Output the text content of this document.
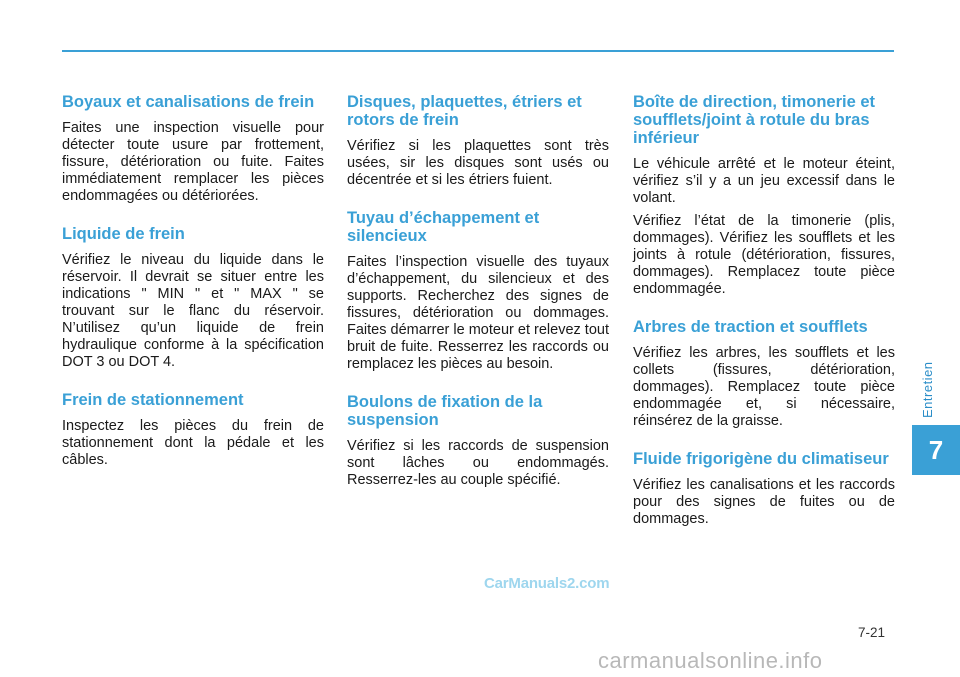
Boyaux et canalisations de frein

Faites une inspection visuelle pour détecter toute usure par frottement, fissure, détérioration ou fuite. Faites immédiatement remplacer les pièces endommagées ou détériorées.

Liquide de frein

Vérifiez le niveau du liquide dans le réservoir. Il devrait se situer entre les indications " MIN " et " MAX " se trouvant sur le flanc du réservoir. N’utilisez qu’un liquide de frein hydraulique conforme à la spécification DOT 3 ou DOT 4.

Frein de stationnement

Inspectez les pièces du frein de stationnement dont la pédale et les câbles.

Disques, plaquettes, étriers et rotors de frein

Vérifiez si les plaquettes sont très usées, sir les disques sont usés ou décentrée et si les étriers fuient.

Tuyau d’échappement et silencieux

Faites l’inspection visuelle des tuyaux d’échappement, du silencieux et des supports. Recherchez des signes de fissures, détérioration ou dommages. Faites démarrer le moteur et relevez tout bruit de fuite. Resserrez les raccords ou remplacez les pièces au besoin.

Boulons de fixation de la suspension

Vérifiez si les raccords de suspension sont lâches ou endommagés. Resserrez-les au couple spécifié.

Boîte de direction, timonerie et soufflets/joint à rotule du bras inférieur

Le véhicule arrêté et le moteur éteint, vérifiez s’il y a un jeu excessif dans le volant.

Vérifiez l’état de la timonerie (plis, dommages). Vérifiez les soufflets et les joints à rotule (détérioration, fissures, dommages). Remplacez toute pièce endommagée.

Arbres de traction et soufflets

Vérifiez les arbres, les soufflets et les collets (fissures, détérioration, dommages). Remplacez toute pièce endommagée et, si nécessaire, réinsérez de la graisse.

Fluide frigorigène du climatiseur

Vérifiez les canalisations et les raccords pour des signes de fuites ou de dommages.

Entretien
7
CarManuals2.com
7-21
carmanualsonline.info
